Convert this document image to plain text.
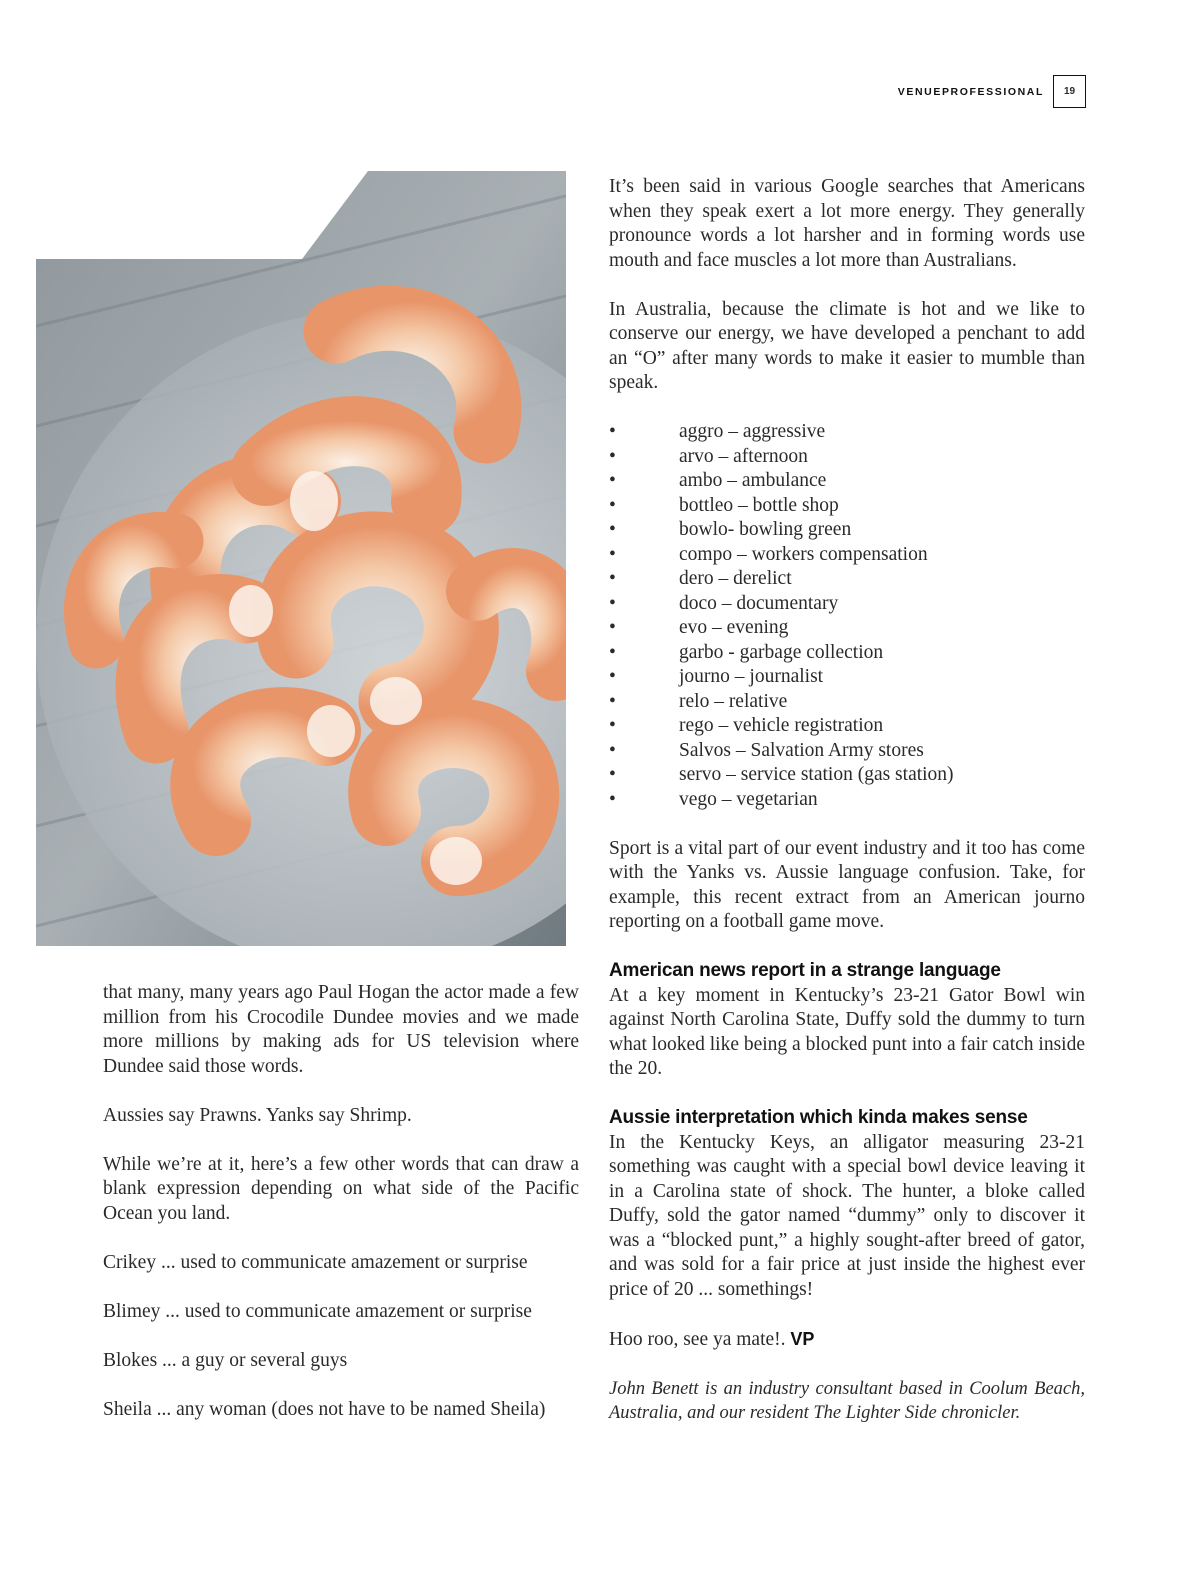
VENUEPROFESSIONAL	19

that many, many years ago Paul Hogan the actor made a few million from his Crocodile Dundee movies and we made more millions by making ads for US television where Dundee said those words.

Aussies say Prawns. Yanks say Shrimp.

While we’re at it, here’s a few other words that can draw a blank expression depending on what side of the Pacific Ocean you land.

Crikey ... used to communicate amazement or surprise

Blimey ... used to communicate amazement or surprise

Blokes ... a guy or several guys

Sheila ... any woman (does not have to be named Sheila)

It’s been said in various Google searches that Americans when they speak exert a lot more energy. They generally pronounce words a lot harsher and in forming words use mouth and face muscles a lot more than Australians.

In Australia, because the climate is hot and we like to conserve our energy, we have developed a penchant to add an “O” after many words to make it easier to mumble than speak.

•	aggro – aggressive
•	arvo – afternoon
•	ambo – ambulance
•	bottleo – bottle shop
•	bowlo- bowling green
•	compo – workers compensation
•	dero – derelict
•	doco – documentary
•	evo – evening
•	garbo - garbage collection
•	journo – journalist
•	relo – relative
•	rego – vehicle registration
•	Salvos – Salvation Army stores
•	servo – service station (gas station)
•	vego – vegetarian

Sport is a vital part of our event industry and it too has come with the Yanks vs. Aussie language confusion. Take, for example, this recent extract from an American journo reporting on a football game move.

American news report in a strange language

At a key moment in Kentucky’s 23-21 Gator Bowl win against North Carolina State, Duffy sold the dummy to turn what looked like being a blocked punt into a fair catch inside the 20.

Aussie interpretation which kinda makes sense

In the Kentucky Keys, an alligator measuring 23-21 something was caught with a special bowl device leaving it in a Carolina state of shock. The hunter, a bloke called Duffy, sold the gator named “dummy” only to discover it was a “blocked punt,” a highly sought-after breed of gator, and was sold for a fair price at just inside the highest ever price of 20 ... somethings!

Hoo roo, see ya mate!. VP

John Benett is an industry consultant based in Coolum Beach, Australia, and our resident The Lighter Side chronicler.
